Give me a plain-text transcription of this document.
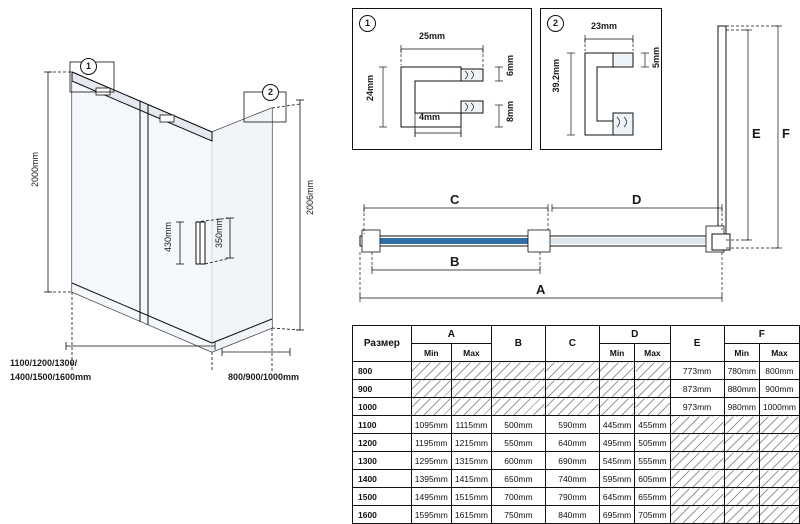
2000mm
2006mm
430mm	350mm
1100/1200/1300/
1400/1500/1600mm	800/900/1000mm
1
2
1
25mm
24mm
4mm
6mm
8mm
2	23mm
39.2mm
5mm
C	D
B
A
E F
Размер	A		B	C	D		E	F	
	Min	Max			Min	Max		Min	Max
800							773mm	780mm	800mm
900							873mm	880mm	900mm
1000							973mm	980mm	1000mm
1100	1095mm	1115mm	500mm	590mm	445mm	455mm			
1200	1195mm	1215mm	550mm	640mm	495mm	505mm			
1300	1295mm	1315mm	600mm	690mm	545mm	555mm			
1400	1395mm	1415mm	650mm	740mm	595mm	605mm			
1500	1495mm	1515mm	700mm	790mm	645mm	655mm			
1600	1595mm	1615mm	750mm	840mm	695mm	705mm			
